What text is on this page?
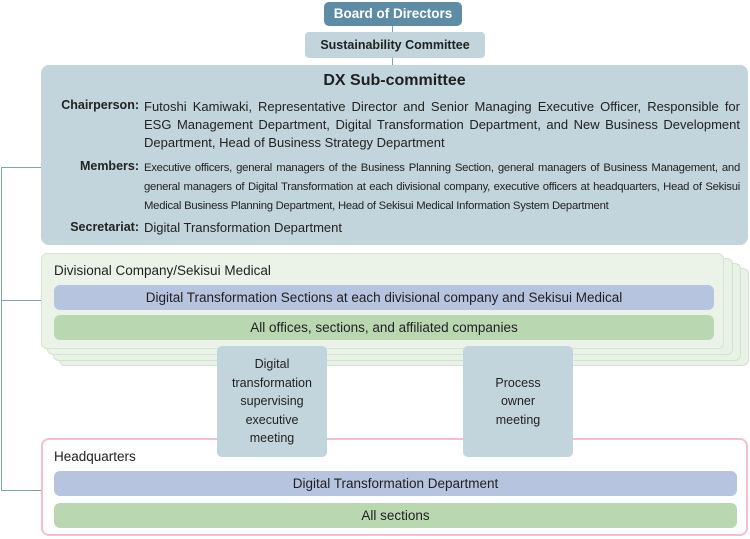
Board of Directors
Sustainability Committee
DX Sub-committee
Chairperson: Futoshi Kamiwaki, Representative Director and Senior Managing Executive Officer, Responsible for ESG Management Department, Digital Transformation Department, and New Business Development Department, Head of Business Strategy Department
Members: Executive officers, general managers of the Business Planning Section, general managers of Business Management, and general managers of Digital Transformation at each divisional company, executive officers at headquarters, Head of Sekisui Medical Business Planning Department, Head of Sekisui Medical Information System Department
Secretariat: Digital Transformation Department
Divisional Company/Sekisui Medical
Digital Transformation Sections at each divisional company and Sekisui Medical
All offices, sections, and affiliated companies
Headquarters
Digital Transformation Department
All sections
Digital transformation supervising executive meeting
Process owner meeting
